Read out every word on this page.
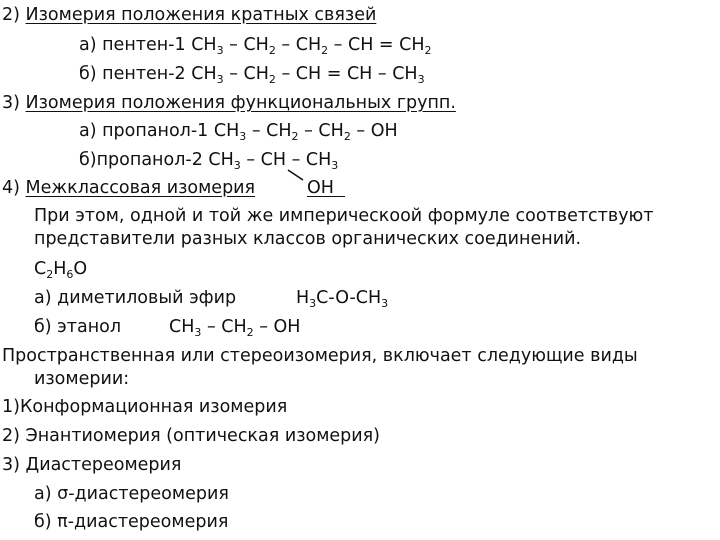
2) Изомерия положения кратных связей
а) пентен-1 $CH_3 - CH_2 - CH_2$ – CH = $CH_2$
б) пентен-2 $CH_3 - CH_2$ – CH = CH – $CH_3$
3) Изомерия положения функциональных групп.
а) пропанол-1 $CH_3 - CH_2 - CH_2$ – OH
б)пропанол-2 $CH_3$ – CH – $CH_3$
4) Межклассовая изомерия	OH
При этом, одной и той же империческоой формуле соответствуют
представители разных классов органических соединений.
$C_2H_6O$
а) диметиловый эфир	$H_3C-O-CH_3$
б) этанол	$CH_3 - CH_2$ – OH
Пространственная или стереоизомерия, включает следующие виды
изомерии:
1)Конформационная изомерия
2) Энантиомерия (оптическая изомерия)
3) Диастереомерия
а) σ-диастереомерия
б) π-диастереомерия
